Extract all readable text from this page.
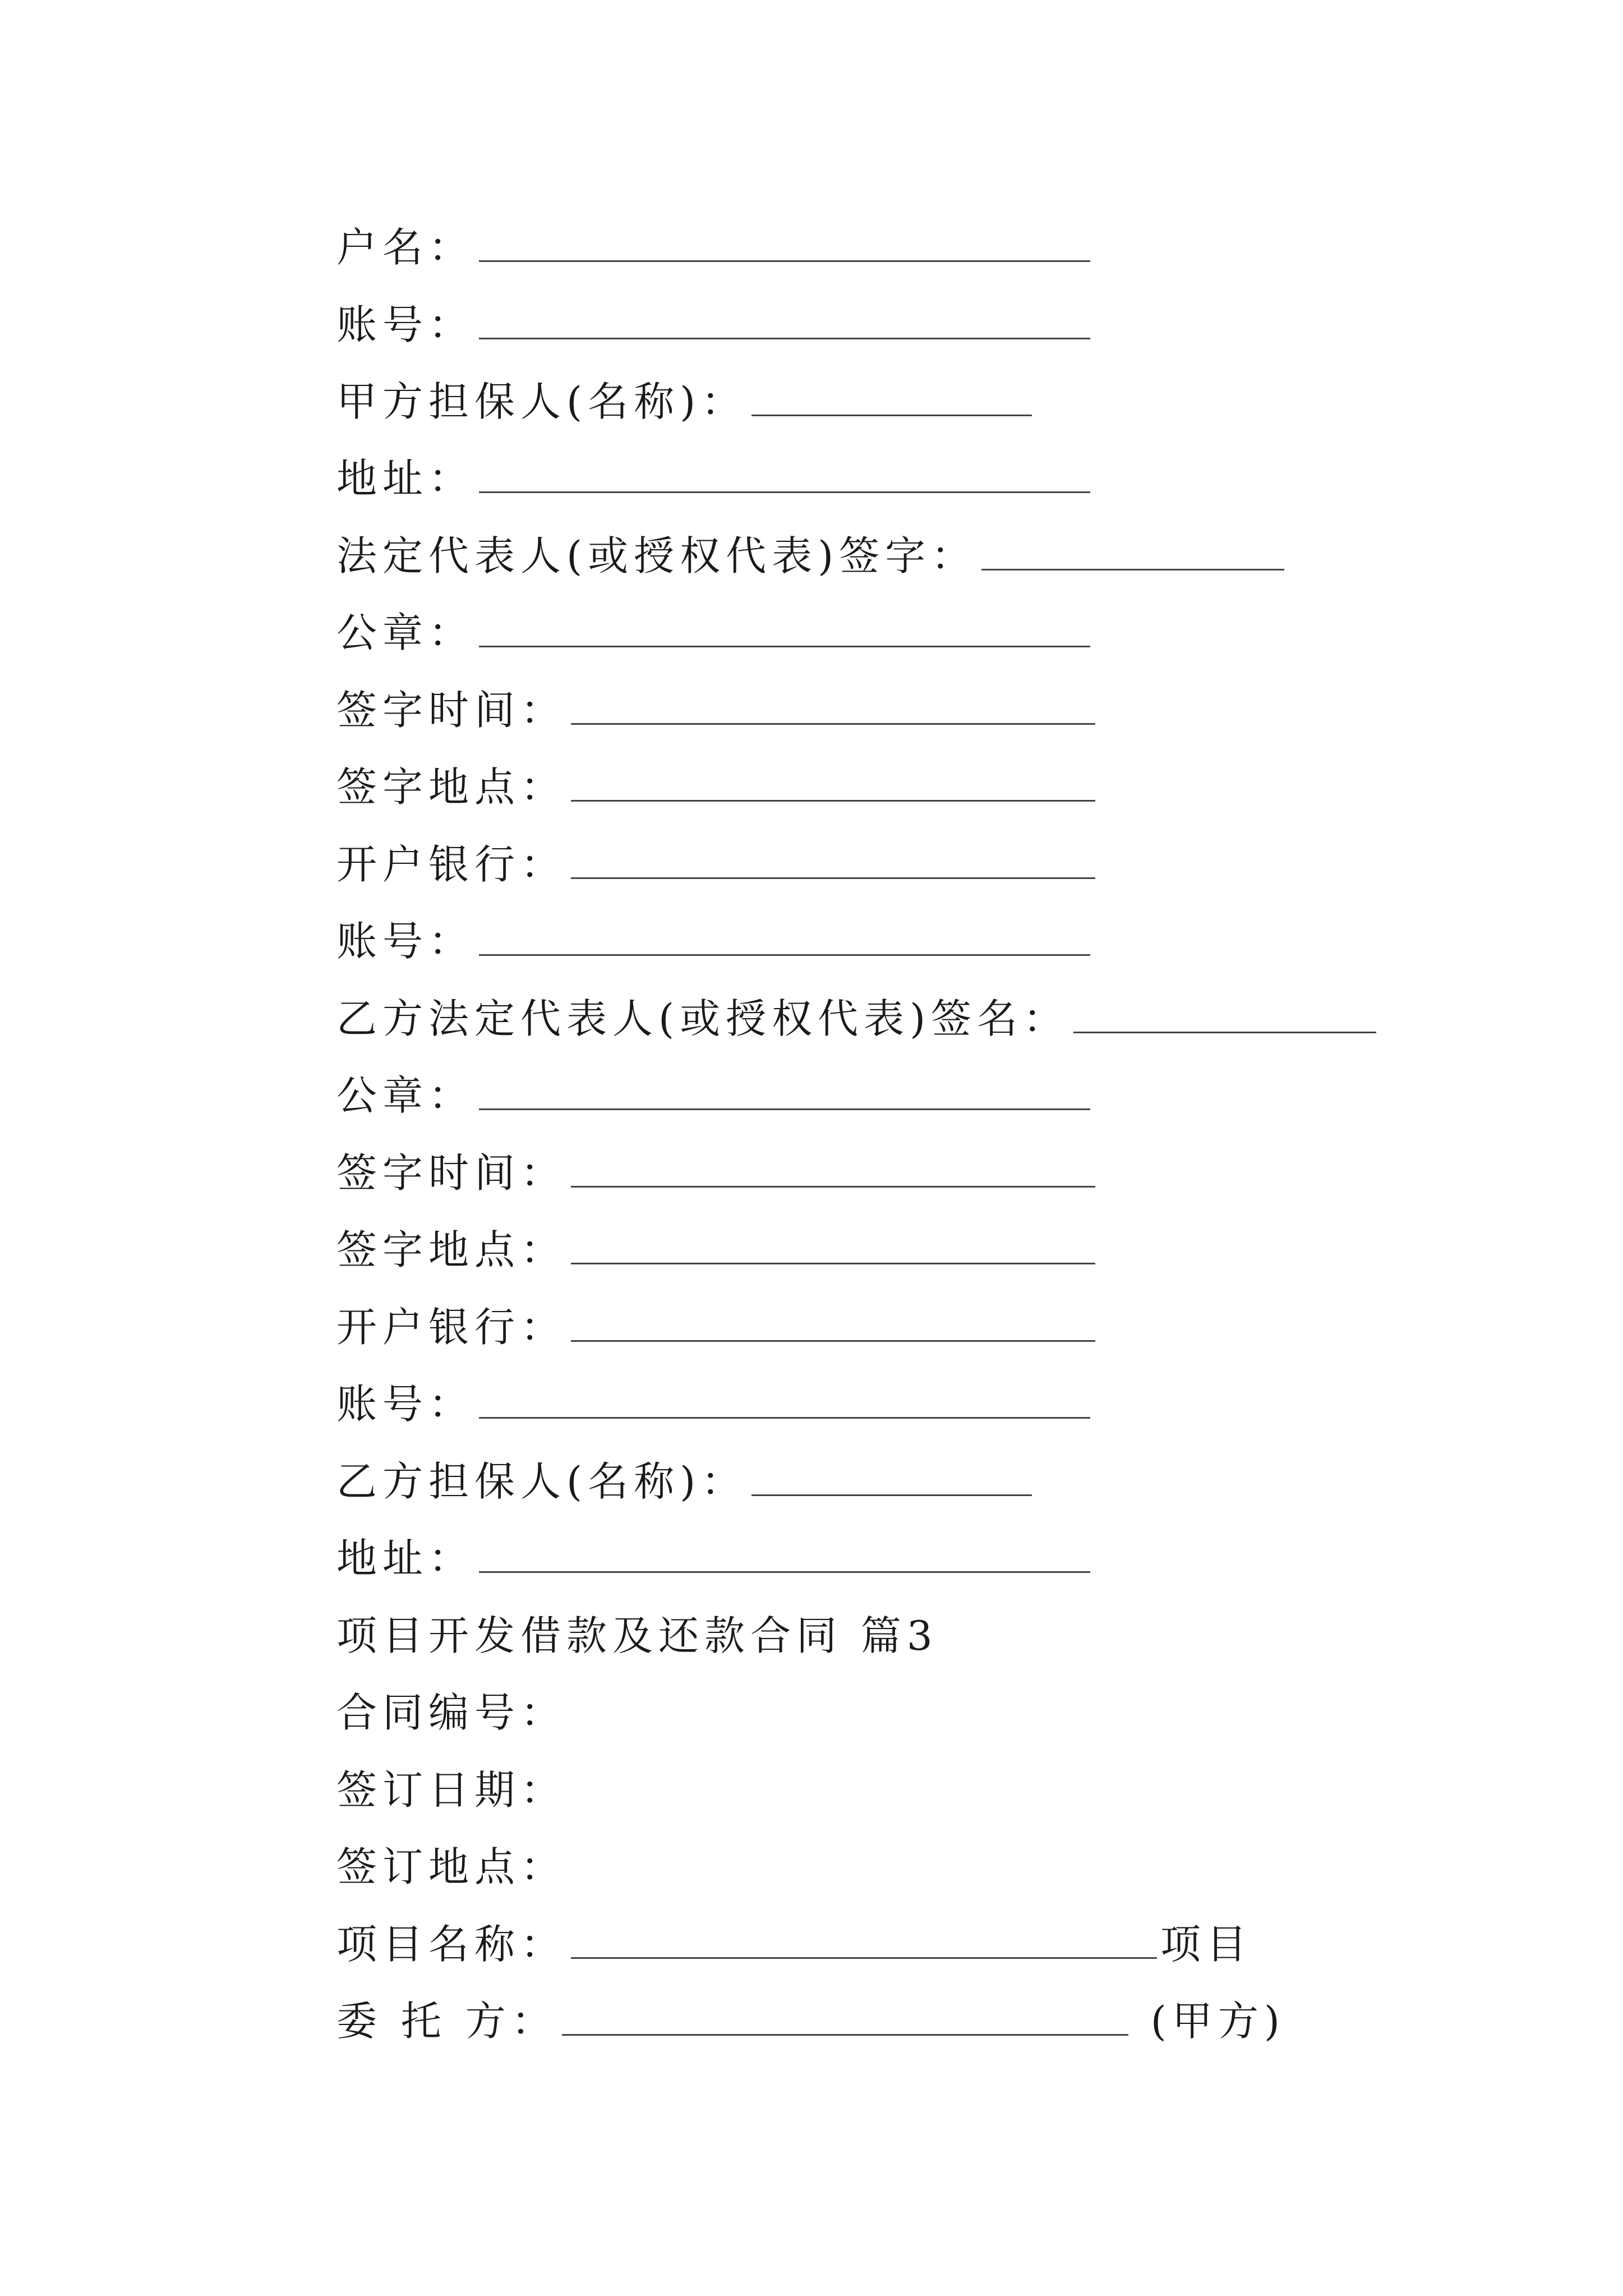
户名：
账号：
甲方担保人(名称)：
地址：
法定代表人(或授权代表)签字：
公章：
签字时间：
签字地点：
开户银行：
账号：
乙方法定代表人(或授权代表)签名：
公章：
签字时间：
签字地点：
开户银行：
账号：
乙方担保人(名称)：
地址：
项目开发借款及还款合同 篇3
合同编号：
签订日期：
签订地点：
项目名称：	项目
委 托 方：	(甲方)
